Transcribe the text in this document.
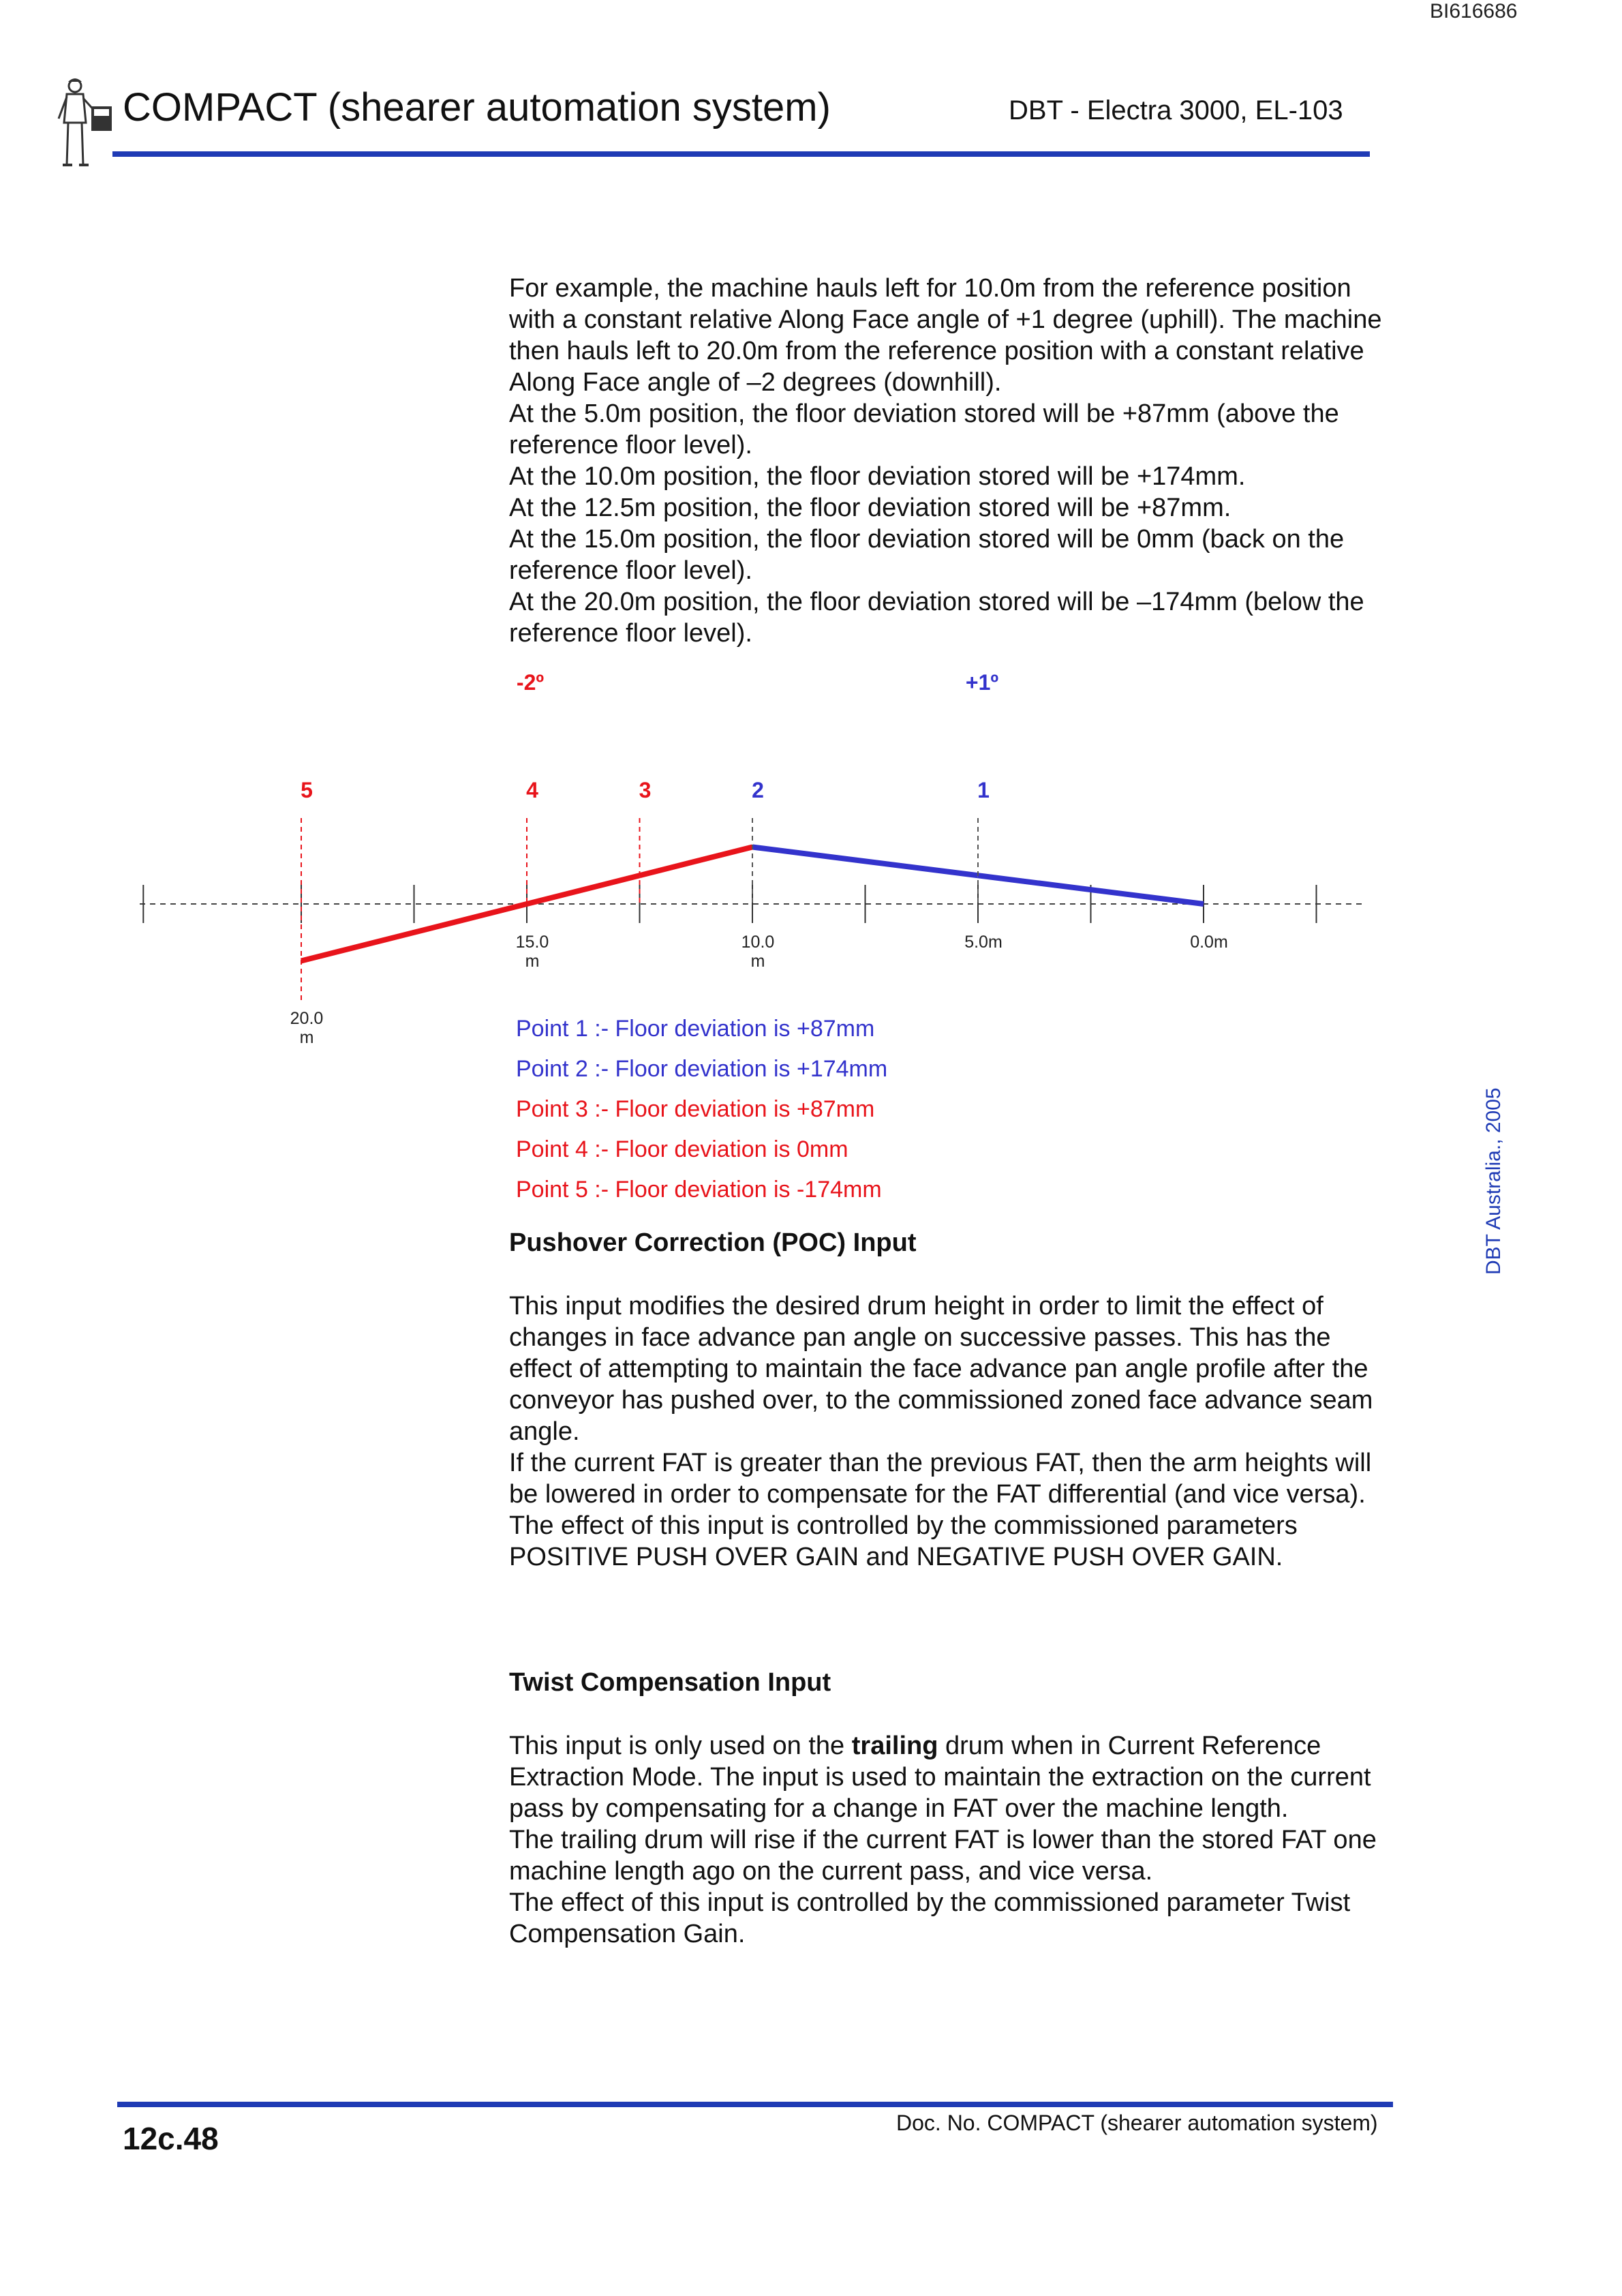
BI616686
COMPACT (shearer automation system)	DBT - Electra 3000, EL-103

For example, the machine hauls left for 10.0m from the reference position with a constant relative Along Face angle of +1 degree (uphill). The machine then hauls left to 20.0m from the reference position with a constant relative Along Face angle of –2 degrees (downhill).

At the 5.0m position, the floor deviation stored will be +87mm (above the reference floor level).

At the 10.0m position, the floor deviation stored will be +174mm.

At the 12.5m position, the floor deviation stored will be +87mm.

At the 15.0m position, the floor deviation stored will be 0mm (back on the reference floor level).

At the 20.0m position, the floor deviation stored will be –174mm (below the reference floor level).

5	4	3	2	1
20.0 m
15.0 m
10.0 m
5.0m	0.0m
-2º	+1º
Point 1 :- Floor deviation is +87mm
Point 2 :- Floor deviation is +174mm
Point 3 :- Floor deviation is +87mm
Point 4 :- Floor deviation is 0mm
Point 5 :- Floor deviation is -174mm
Pushover Correction (POC) Input

This input modifies the desired drum height in order to limit the effect of changes in face advance pan angle on successive passes. This has the effect of attempting to maintain the face advance pan angle profile after the conveyor has pushed over, to the commissioned zoned face advance seam angle.

If the current FAT is greater than the previous FAT, then the arm heights will be lowered in order to compensate for the FAT differential (and vice versa).

The effect of this input is controlled by the commissioned parameters POSITIVE PUSH OVER GAIN and NEGATIVE PUSH OVER GAIN.

Twist Compensation Input

This input is only used on the trailing drum when in Current Reference Extraction Mode. The input is used to maintain the extraction on the current pass by compensating for a change in FAT over the machine length.

The trailing drum will rise if the current FAT is lower than the stored FAT one machine length ago on the current pass, and vice versa.

The effect of this input is controlled by the commissioned parameter Twist Compensation Gain.

DBT Australia., 2005
12c.48	Doc. No. COMPACT (shearer automation system)
